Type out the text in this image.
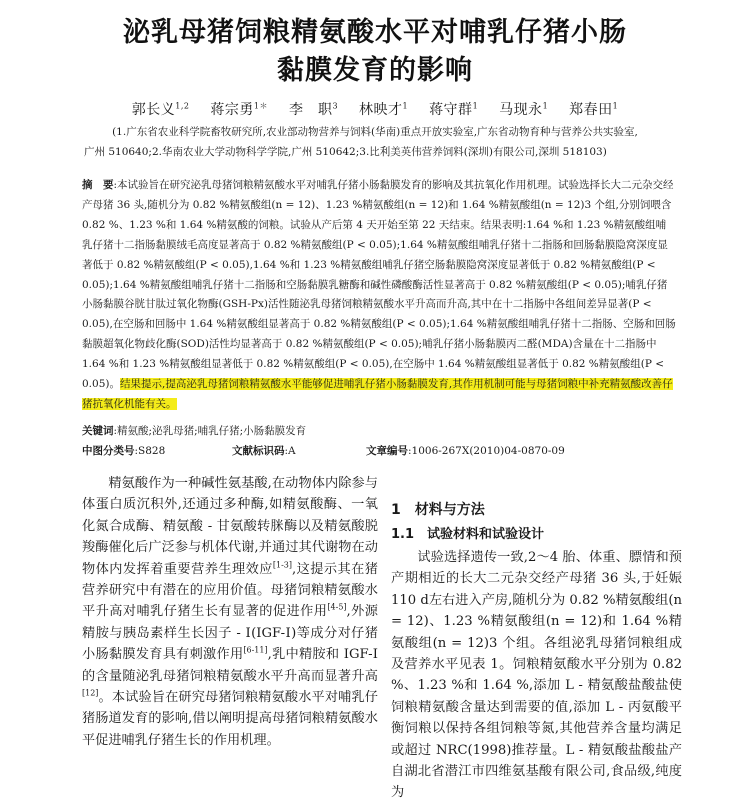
泌乳母猪饲粮精氨酸水平对哺乳仔猪小肠
黏膜发育的影响
郭长义$^{1,2}$ 蒋宗勇$^{1*}$ 李　职$^3$ 林映才$^1$ 蒋守群$^1$ 马现永$^1$ 郑春田$^1$
(1.广东省农业科学院畜牧研究所,农业部动物营养与饲料(华南)重点开放实验室,广东省动物育种与营养公共实验室,
广州 510640;2.华南农业大学动物科学学院,广州 510642;3.比利美英伟营养饲料(深圳)有限公司,深圳 518103)
摘　要:本试验旨在研究泌乳母猪饲粮精氨酸水平对哺乳仔猪小肠黏膜发育的影响及其抗氧化作用机理。试验选择长大二元杂交经产母猪 36 头,随机分为 0.82 %精氨酸组(n = 12)、1.23 %精氨酸组(n = 12)和 1.64 %精氨酸组(n = 12)3 个组,分别饲喂含 0.82 %、1.23 %和 1.64 %精氨酸的饲粮。试验从产后第 4 天开始至第 22 天结束。结果表明:1.64 %和 1.23 %精氨酸组哺乳仔猪十二指肠黏膜绒毛高度显著高于 0.82 %精氨酸组(P < 0.05);1.64 %精氨酸组哺乳仔猪十二指肠和回肠黏膜隐窝深度显著低于 0.82 %精氨酸组(P < 0.05),1.64 %和 1.23 %精氨酸组哺乳仔猪空肠黏膜隐窝深度显著低于 0.82 %精氨酸组(P < 0.05);1.64 %精氨酸组哺乳仔猪十二指肠和空肠黏膜乳糖酶和碱性磷酸酶活性显著高于 0.82 %精氨酸组(P < 0.05);哺乳仔猪小肠黏膜谷胱甘肽过氧化物酶(GSH-Px)活性随泌乳母猪饲粮精氨酸水平升高而升高,其中在十二指肠中各组间差异显著(P < 0.05),在空肠和回肠中 1.64 %精氨酸组显著高于 0.82 %精氨酸组(P < 0.05);1.64 %精氨酸组哺乳仔猪十二指肠、空肠和回肠黏膜超氧化物歧化酶(SOD)活性均显著高于 0.82 %精氨酸组(P < 0.05);哺乳仔猪小肠黏膜丙二醛(MDA)含量在十二指肠中 1.64 %和 1.23 %精氨酸组显著低于 0.82 %精氨酸组(P < 0.05),在空肠中 1.64 %精氨酸组显著低于 0.82 %精氨酸组(P < 0.05)。结果提示,提高泌乳母猪饲粮精氨酸水平能够促进哺乳仔猪小肠黏膜发育,其作用机制可能与母猪饲粮中补充精氨酸改善仔猪抗氧化机能有关。
关键词:精氨酸;泌乳母猪;哺乳仔猪;小肠黏膜发育
中图分类号:S828	文献标识码:A	文章编号:1006-267X(2010)04-0870-09

精氨酸作为一种碱性氨基酸,在动物体内除参与体蛋白质沉积外,还通过多种酶,如精氨酸酶、一氧化氮合成酶、精氨酸 - 甘氨酸转脒酶以及精氨酸脱羧酶催化后广泛参与机体代谢,并通过其代谢物在动物体内发挥着重要营养生理效应[1-3],这提示其在猪营养研究中有潜在的应用价值。母猪饲粮精氨酸水平升高对哺乳仔猪生长有显著的促进作用[4-5],外源精胺与胰岛素样生长因子 - Ⅰ(IGF-Ⅰ)等成分对仔猪小肠黏膜发育具有刺激作用[6-11],乳中精胺和 IGF-Ⅰ的含量随泌乳母猪饲粮精氨酸水平升高而显著升高[12]。本试验旨在研究母猪饲粮精氨酸水平对哺乳仔猪肠道发育的影响,借以阐明提高母猪饲粮精氨酸水平促进哺乳仔猪生长的作用机理。

1　材料与方法
1.1　试验材料和试验设计

试验选择遗传一致,2～4 胎、体重、膘情和预产期相近的长大二元杂交经产母猪 36 头,于妊娠 110 d左右进入产房,随机分为 0.82 %精氨酸组(n = 12)、1.23 %精氨酸组(n = 12)和 1.64 %精氨酸组(n = 12)3 个组。各组泌乳母猪饲粮组成及营养水平见表 1。饲粮精氨酸水平分别为 0.82 %、1.23 %和 1.64 %,添加 L - 精氨酸盐酸盐使饲粮精氨酸含量达到需要的值,添加 L - 丙氨酸平衡饲粮以保持各组饲粮等氮,其他营养含量均满足或超过 NRC(1998)推荐量。L - 精氨酸盐酸盐产自湖北省潜江市四维氨基酸有限公司,食品级,纯度为
